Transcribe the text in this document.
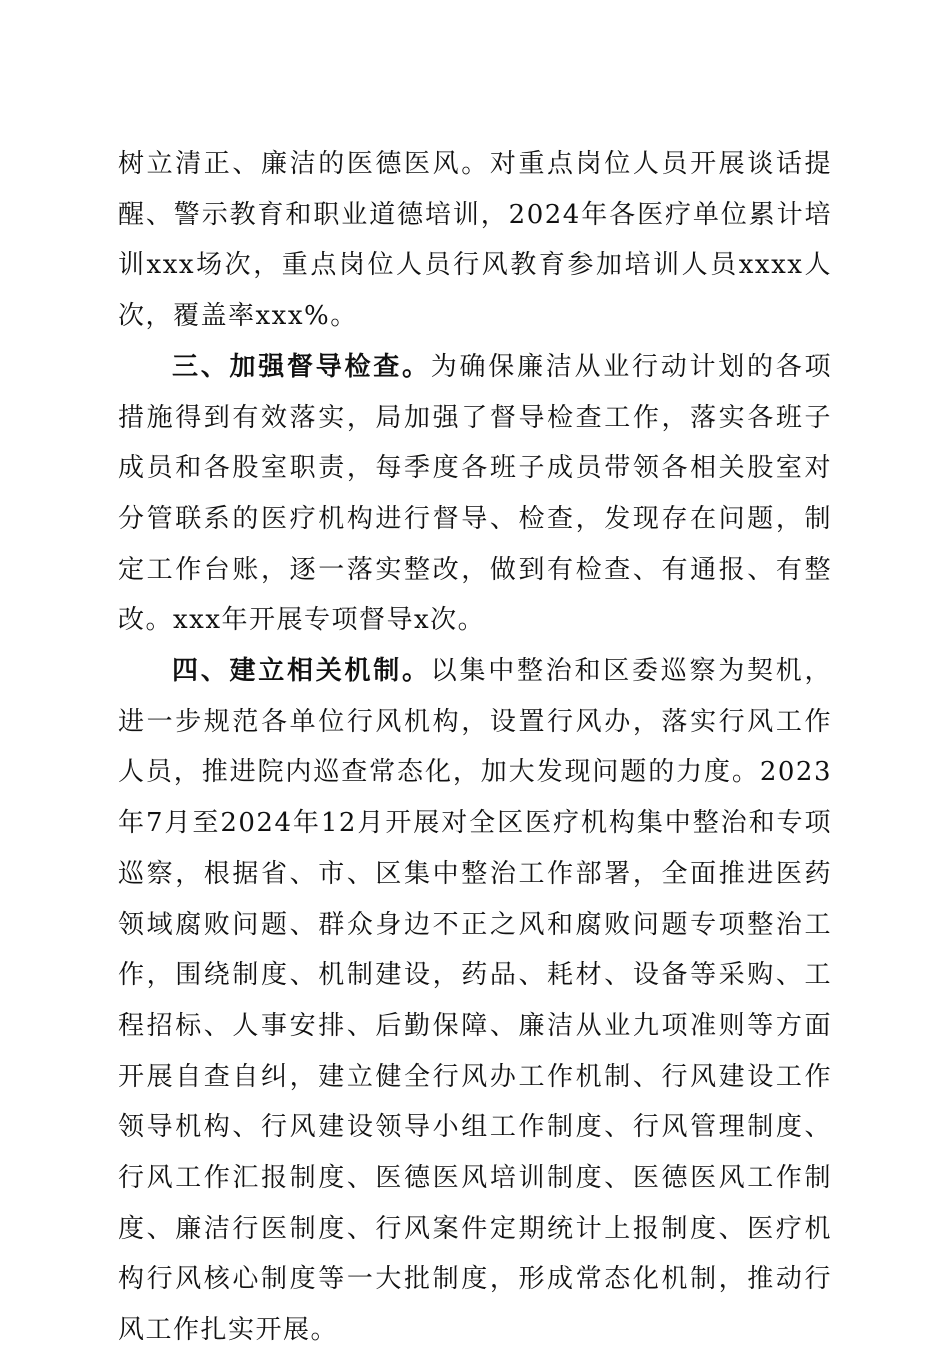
树立清正、廉洁的医德医风。对重点岗位人员开展谈话提醒、警示教育和职业道德培训，2024年各医疗单位累计培训xxx场次，重点岗位人员行风教育参加培训人员xxxx人次，覆盖率xxx%。

三、加强督导检查。为确保廉洁从业行动计划的各项措施得到有效落实，局加强了督导检查工作，落实各班子成员和各股室职责，每季度各班子成员带领各相关股室对分管联系的医疗机构进行督导、检查，发现存在问题，制定工作台账，逐一落实整改，做到有检查、有通报、有整改。xxx年开展专项督导x次。

四、建立相关机制。以集中整治和区委巡察为契机，进一步规范各单位行风机构，设置行风办，落实行风工作人员，推进院内巡查常态化，加大发现问题的力度。2023年7月至2024年12月开展对全区医疗机构集中整治和专项巡察，根据省、市、区集中整治工作部署，全面推进医药领域腐败问题、群众身边不正之风和腐败问题专项整治工作，围绕制度、机制建设，药品、耗材、设备等采购、工程招标、人事安排、后勤保障、廉洁从业九项准则等方面开展自查自纠，建立健全行风办工作机制、行风建设工作领导机构、行风建设领导小组工作制度、行风管理制度、行风工作汇报制度、医德医风培训制度、医德医风工作制度、廉洁行医制度、行风案件定期统计上报制度、医疗机构行风核心制度等一大批制度，形成常态化机制，推动行风工作扎实开展。
